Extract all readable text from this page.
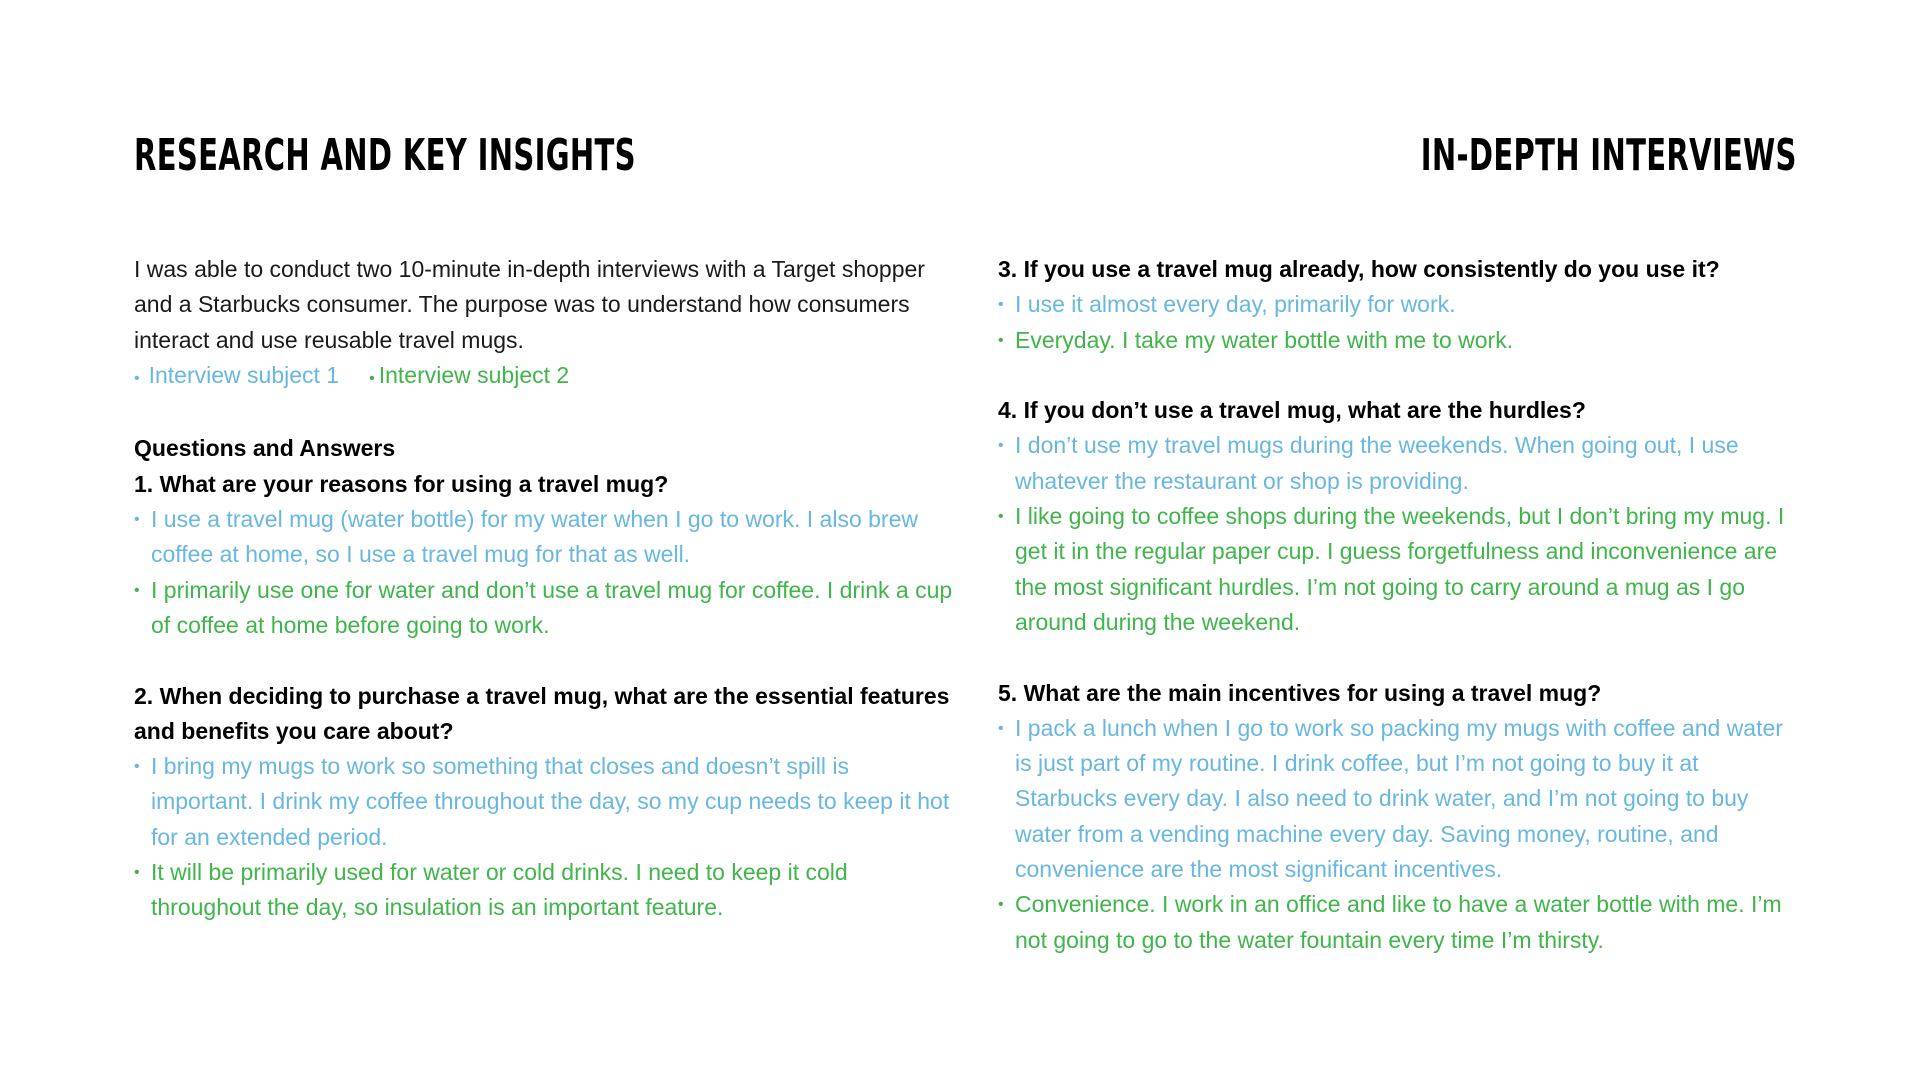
RESEARCH AND KEY INSIGHTS	IN-DEPTH INTERVIEWS

I was able to conduct two 10-minute in-depth interviews with a Target shopper and a Starbucks consumer. The purpose was to understand how consumers interact and use reusable travel mugs.

• Interview subject 1 • Interview subject 2

Questions and Answers

1. What are your reasons for using a travel mug?

• I use a travel mug (water bottle) for my water when I go to work. I also brew coffee at home, so I use a travel mug for that as well.
• I primarily use one for water and don’t use a travel mug for coffee. I drink a cup of coffee at home before going to work.

2. When deciding to purchase a travel mug, what are the essential features and benefits you care about?

• I bring my mugs to work so something that closes and doesn’t spill is important. I drink my coffee throughout the day, so my cup needs to keep it hot for an extended period.
• It will be primarily used for water or cold drinks. I need to keep it cold throughout the day, so insulation is an important feature.

3. If you use a travel mug already, how consistently do you use it?

• I use it almost every day, primarily for work.
• Everyday. I take my water bottle with me to work.

4. If you don’t use a travel mug, what are the hurdles?

• I don’t use my travel mugs during the weekends. When going out, I use whatever the restaurant or shop is providing.
• I like going to coffee shops during the weekends, but I don’t bring my mug. I get it in the regular paper cup. I guess forgetfulness and inconvenience are the most significant hurdles. I’m not going to carry around a mug as I go around during the weekend.

5. What are the main incentives for using a travel mug?

• I pack a lunch when I go to work so packing my mugs with coffee and water is just part of my routine. I drink coffee, but I’m not going to buy it at Starbucks every day. I also need to drink water, and I’m not going to buy water from a vending machine every day. Saving money, routine, and convenience are the most significant incentives.
• Convenience. I work in an office and like to have a water bottle with me. I’m not going to go to the water fountain every time I’m thirsty.
